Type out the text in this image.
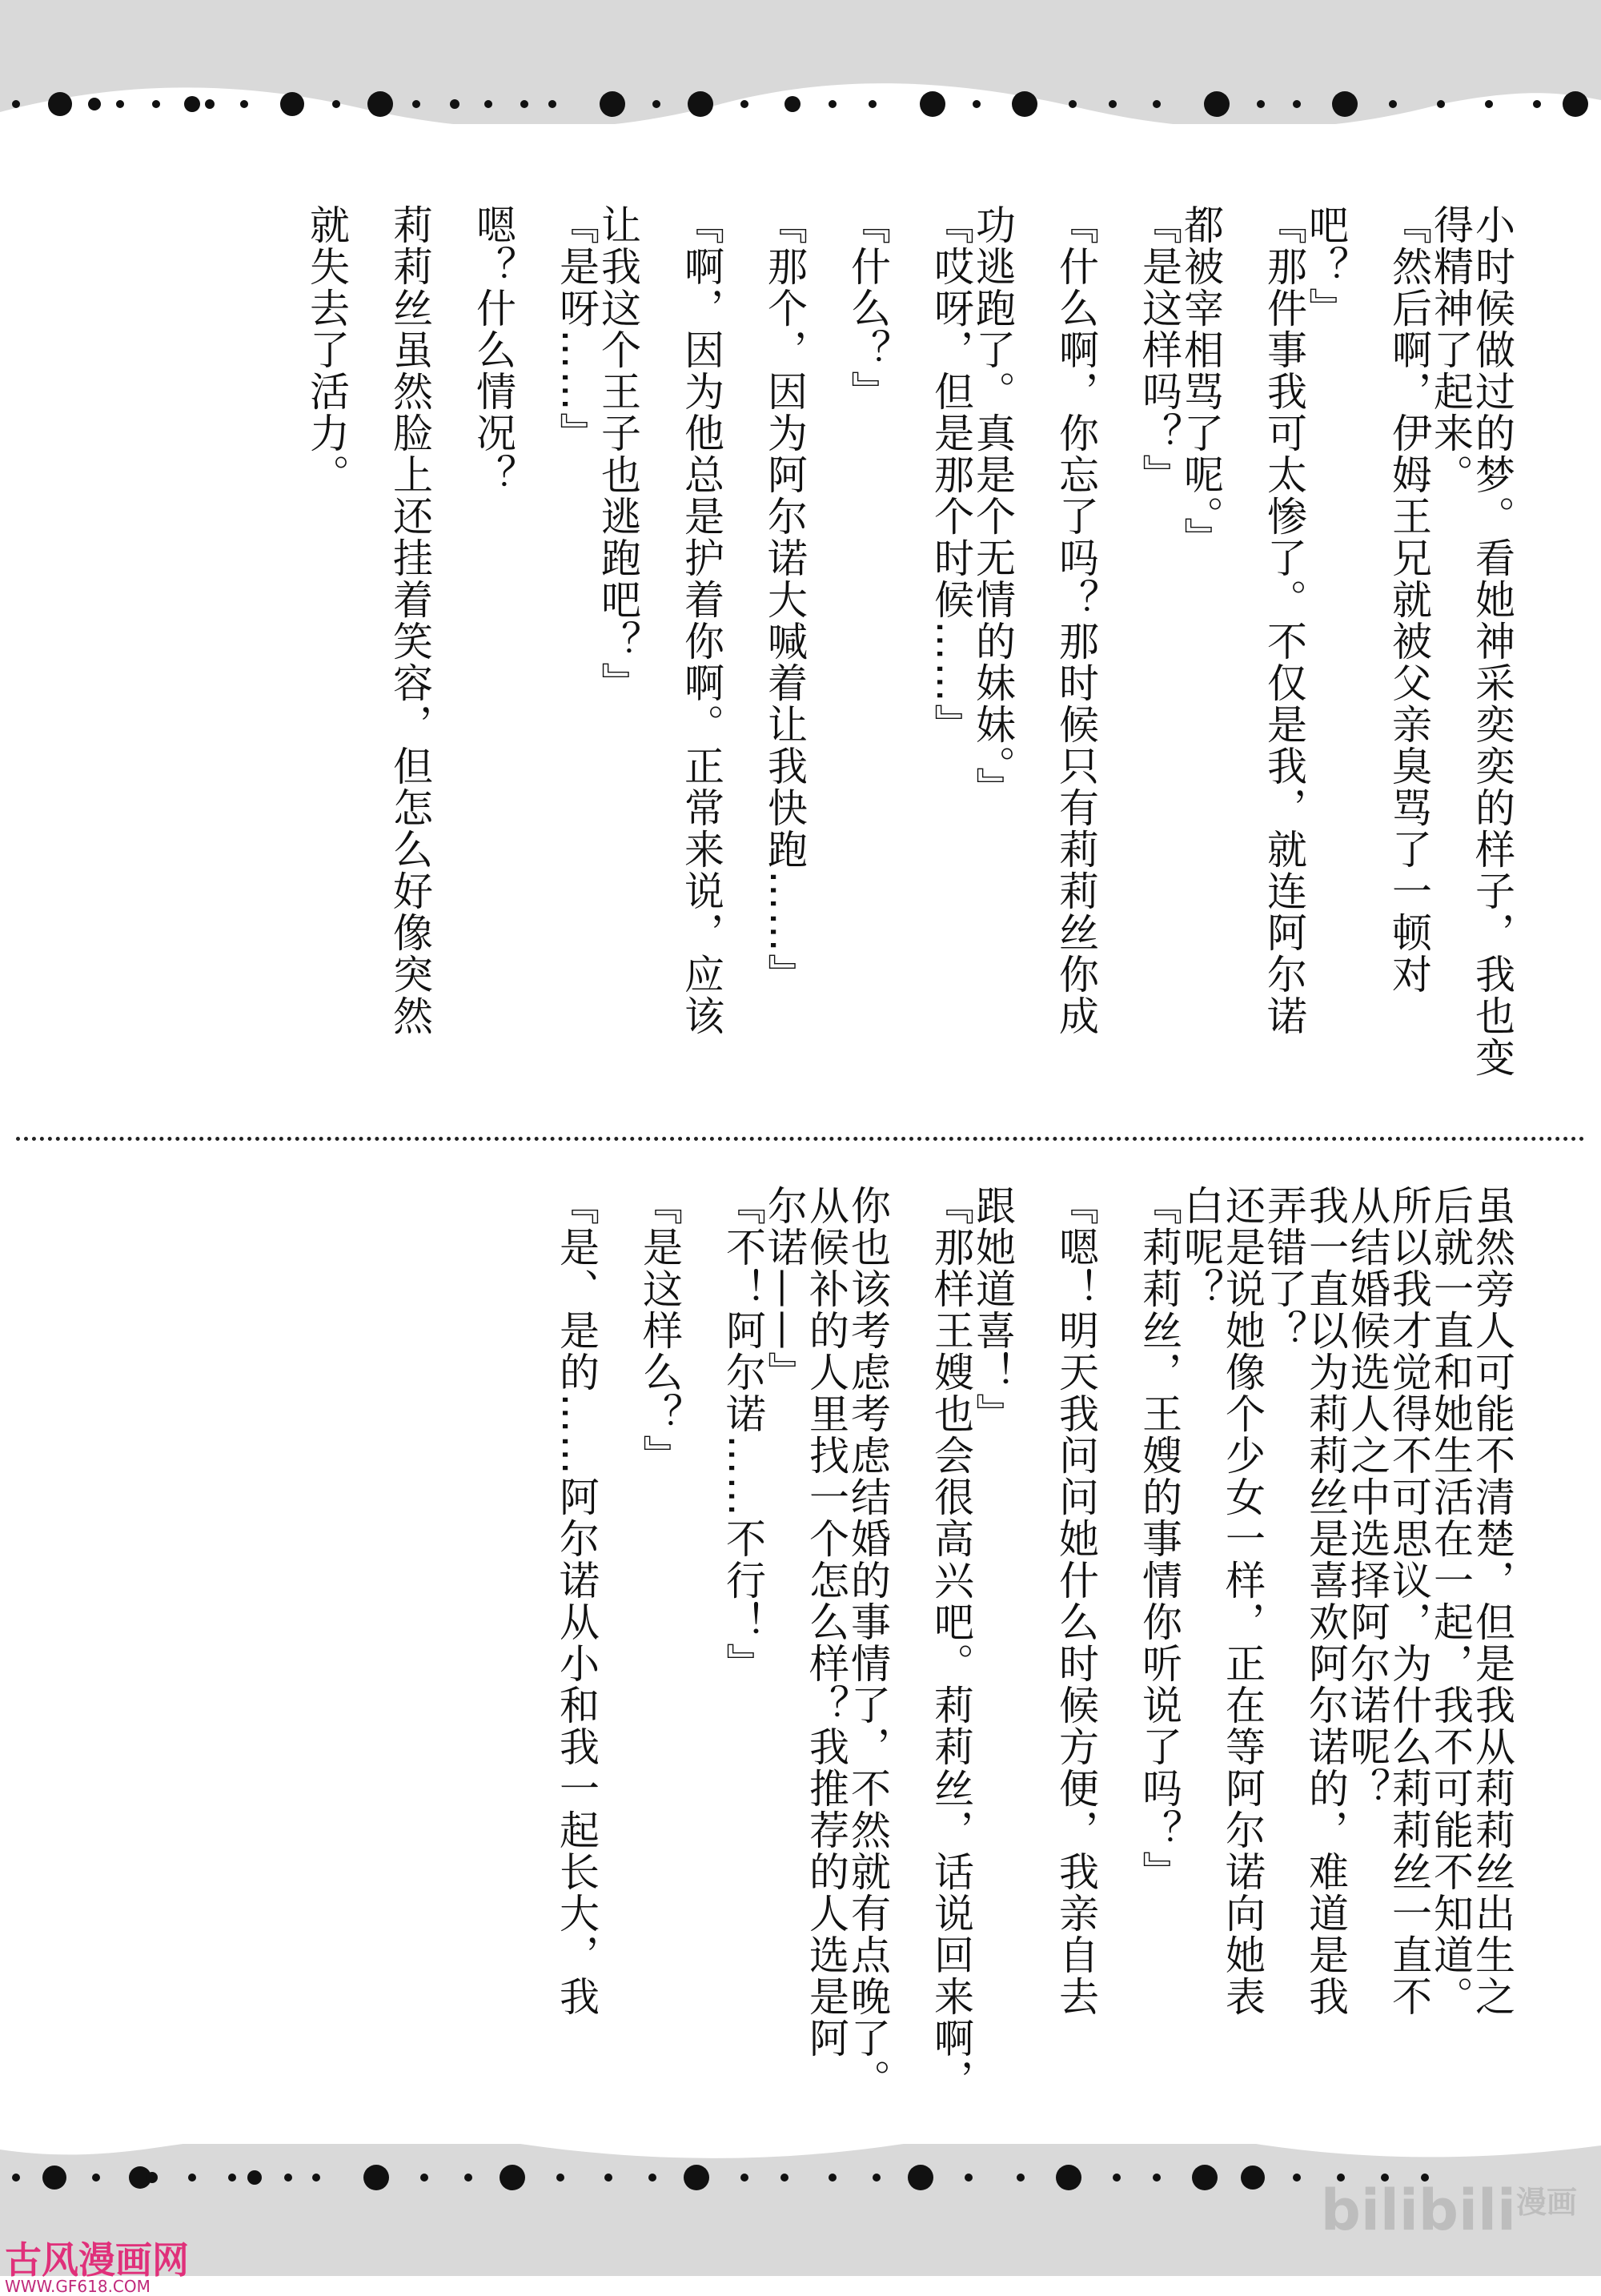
小时候做过的梦。看她神采奕奕的样子，我也变
得精神了起来。
『然后啊，伊姆王兄就被父亲臭骂了一顿对
吧？』
『那件事我可太惨了。不仅是我，就连阿尔诺
都被宰相骂了呢。』
『是这样吗？』
『什么啊，你忘了吗？那时候只有莉莉丝你成
功逃跑了。真是个无情的妹妹。』
『哎呀，但是那个时候……』
『什么？』
『那个，因为阿尔诺大喊着让我快跑……』
『啊，因为他总是护着你啊。正常来说，应该
让我这个王子也逃跑吧？』
『是呀……』
嗯？什么情况？
莉莉丝虽然脸上还挂着笑容，但怎么好像突然
就失去了活力。
虽然旁人可能不清楚，但是我从莉莉丝出生之
后就一直和她生活在一起，我不可能不知道。
所以我才觉得不可思议，为什么莉莉丝一直不
从结婚候选人之中选择阿尔诺呢？
我一直以为莉莉丝是喜欢阿尔诺的，难道是我
弄错了？
还是说她像个少女一样，正在等阿尔诺向她表
白呢？
『莉莉丝，王嫂的事情你听说了吗？』
『嗯！明天我问问她什么时候方便，我亲自去
跟她道喜！』
『那样王嫂也会很高兴吧。莉莉丝，话说回来啊，
你也该考虑考虑结婚的事情了，不然就有点晚了。
从候补的人里找一个怎么样？我推荐的人选是阿
尔诺——』
『不！阿尔诺……不行！』
『是这样么？』
『是、是的……阿尔诺从小和我一起长大，我
bilibili$^{漫画}$
古风漫画网
WWW.GF618.COM
